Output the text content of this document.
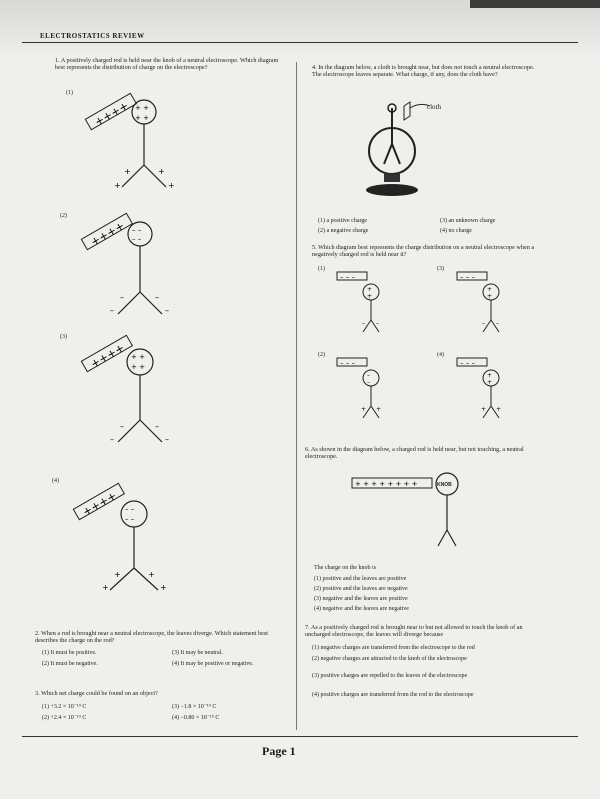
ELECTROSTATICS REVIEW
1. A positively charged rod is held near the knob of a neutral electroscope. Which diagram best represents the distribution of charge on the electroscope?
(1)
(2)
(3)
(4)
++++ + +
+ +
+	+
+	+
++++ – –
– –
–	–
–	–
++++ + +
+ +
–	–
–	–
++++ – –
– –
+	+
+	+
2. When a rod is brought near a neutral electroscope, the leaves diverge. Which statement best describes the charge on the rod?
(1) It must be positive.
(2) It must be negative.
(3) It may be neutral.
(4) It may be positive or negative.
3. Which net charge could be found on an object?
(1) +3.2 × 10⁻¹⁹ C
(2) +2.4 × 10⁻¹⁹ C
(3) −1.8 × 10⁻¹⁹ C
(4) −0.80 × 10⁻¹⁹ C
4. In the diagram below, a cloth is brought near, but does not touch a neutral electroscope. The electroscope leaves separate. What charge, if any, does the cloth have?
cloth
(1) a positive charge
(2) a negative charge
(3) an unknown charge
(4) no charge
5. Which diagram best represents the charge distribution on a neutral electroscope when a negatively charged rod is held near it?
(1)	(3)
(2)	(4)
– – –
+
+
– –
– – –
+
+
– –
– – –
–
–
+ +
– – –
+
+
+ +
6. As shown in the diagram below, a charged rod is held near, but not touching, a neutral electroscope.
+ + + + + + + +	KNOB
The charge on the knob is
(1) positive and the leaves are positive
(2) positive and the leaves are negative
(3) negative and the leaves are positive
(4) negative and the leaves are negative
7. As a positively charged rod is brought near to but not allowed to touch the knob of an uncharged electroscope, the leaves will diverge because
(1) negative charges are transferred from the electroscope to the rod
(2) negative charges are attracted to the knob of the electroscope
(3) positive charges are repelled to the leaves of the electroscope
(4) positive charges are transferred from the rod to the electroscope
Page 1
